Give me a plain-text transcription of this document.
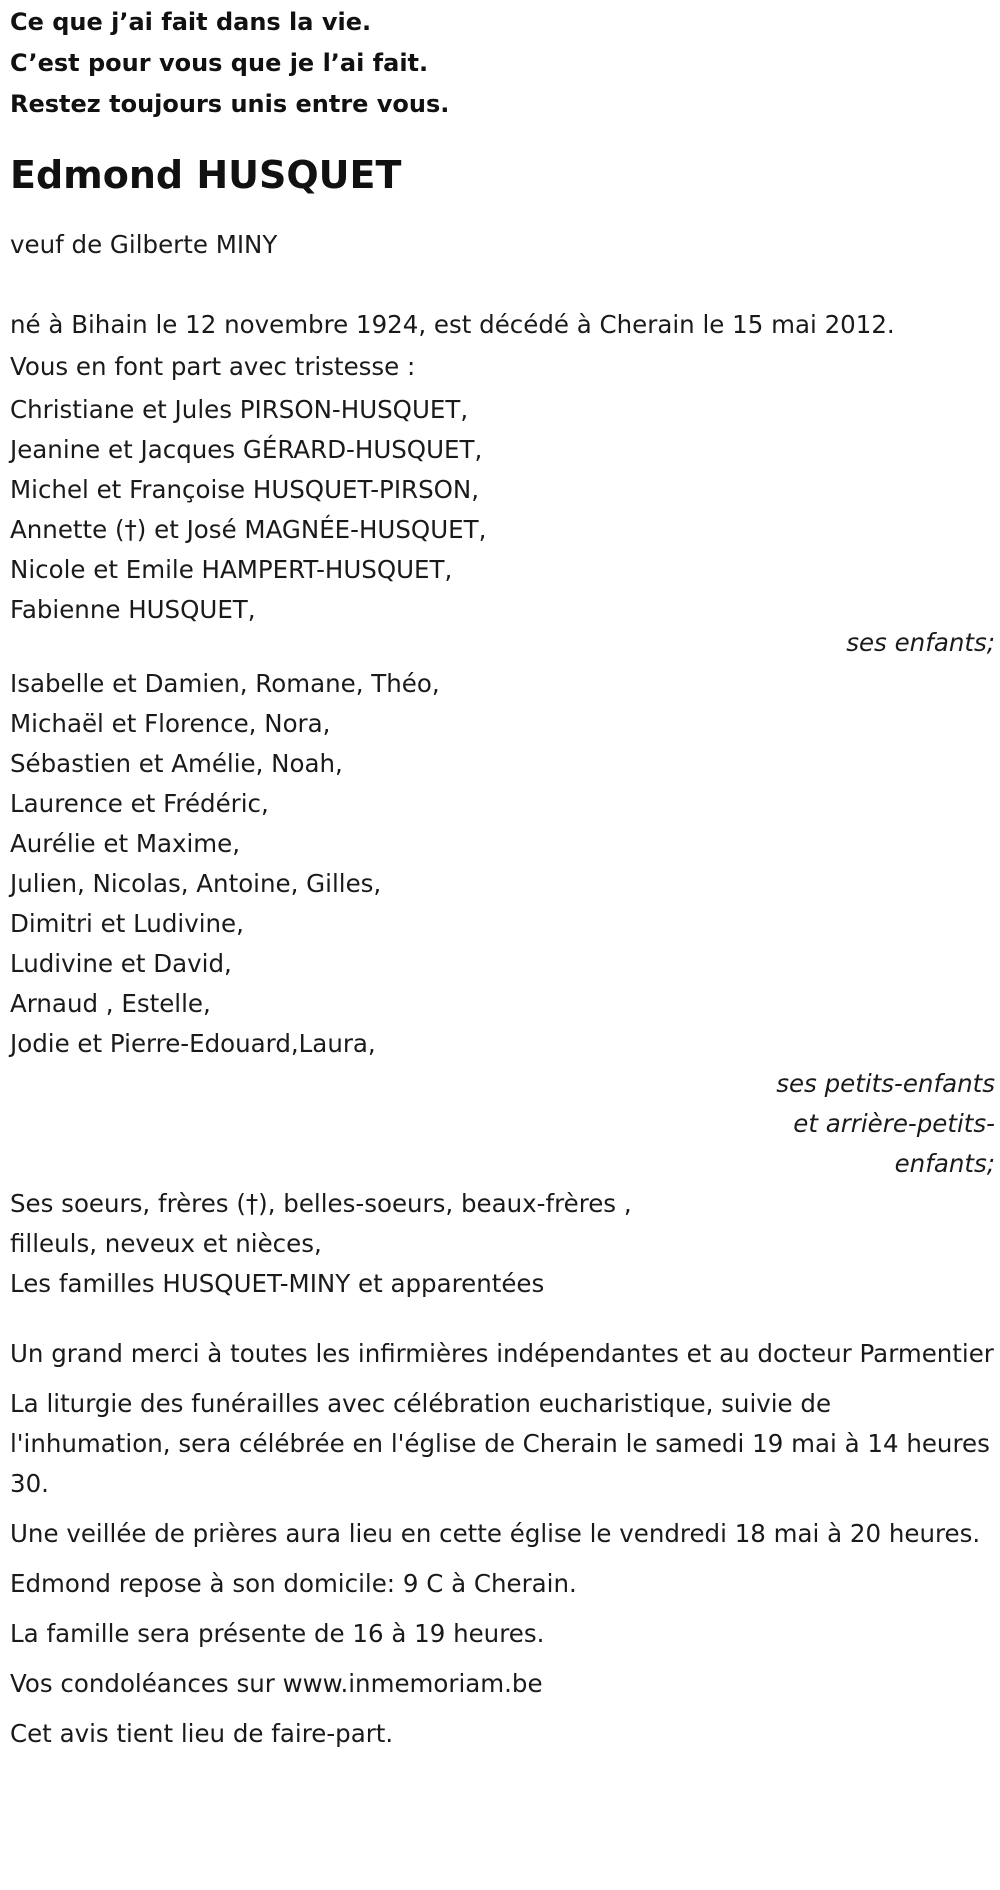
Ce que j’ai fait dans la vie.
C’est pour vous que je l’ai fait.
Restez toujours unis entre vous.
Edmond HUSQUET

veuf de Gilberte MINY

né à Bihain le 12 novembre 1924, est décédé à Cherain le 15 mai 2012.

Vous en font part avec tristesse :

Christiane et Jules PIRSON-HUSQUET,
Jeanine et Jacques GÉRARD-HUSQUET,
Michel et Françoise HUSQUET-PIRSON,
Annette (†) et José MAGNÉE-HUSQUET,
Nicole et Emile HAMPERT-HUSQUET,
Fabienne HUSQUET,
ses enfants;
Isabelle et Damien, Romane, Théo,
Michaël et Florence, Nora,
Sébastien et Amélie, Noah,
Laurence et Frédéric,
Aurélie et Maxime,
Julien, Nicolas, Antoine, Gilles,
Dimitri et Ludivine,
Ludivine et David,
Arnaud , Estelle,
Jodie et Pierre-Edouard,Laura,
ses petits-enfants
et arrière-petits-
enfants;
Ses soeurs, frères (†), belles-soeurs, beaux-frères ,
filleuls, neveux et nièces,
Les familles HUSQUET-MINY et apparentées

Un grand merci à toutes les infirmières indépendantes et au docteur Parmentier

La liturgie des funérailles avec célébration eucharistique, suivie de l'inhumation, sera célébrée en l'église de Cherain le samedi 19 mai à 14 heures 30.

Une veillée de prières aura lieu en cette église le vendredi 18 mai à 20 heures.

Edmond repose à son domicile: 9 C à Cherain.

La famille sera présente de 16 à 19 heures.

Vos condoléances sur www.inmemoriam.be

Cet avis tient lieu de faire-part.
